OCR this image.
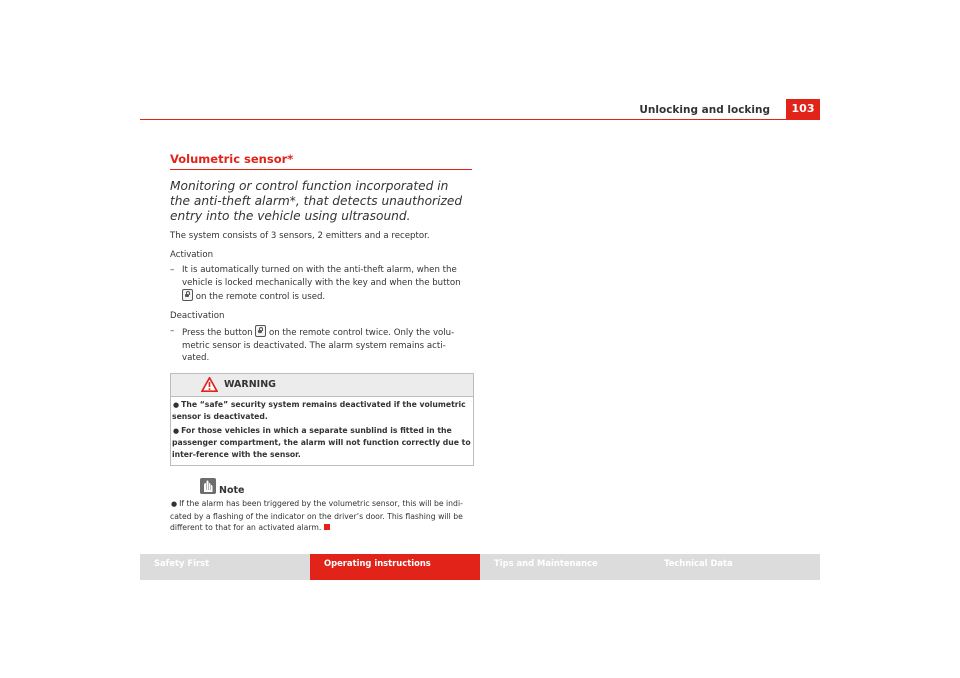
Unlocking and locking	103
Volumetric sensor*
Monitoring or control function incorporated in the anti-theft alarm*, that detects unauthorized entry into the vehicle using ultrasound.
The system consists of 3 sensors, 2 emitters and a receptor.
Activation
– It is automatically turned on with the anti-theft alarm, when the vehicle is locked mechanically with the key and when the button  on the remote control is used.
Deactivation
– Press the button on the remote control twice. Only the volu-metric sensor is deactivated. The alarm system remains acti-vated.
WARNING
● The “safe” security system remains deactivated if the volumetric sensor is deactivated.
● For those vehicles in which a separate sunblind is fitted in the passenger compartment, the alarm will not function correctly due to inter-ference with the sensor.
Note
● If the alarm has been triggered by the volumetric sensor, this will be indi-cated by a flashing of the indicator on the driver’s door. This flashing will be different to that for an activated alarm.
Safety First	Operating instructions	Tips and Maintenance	Technical Data
